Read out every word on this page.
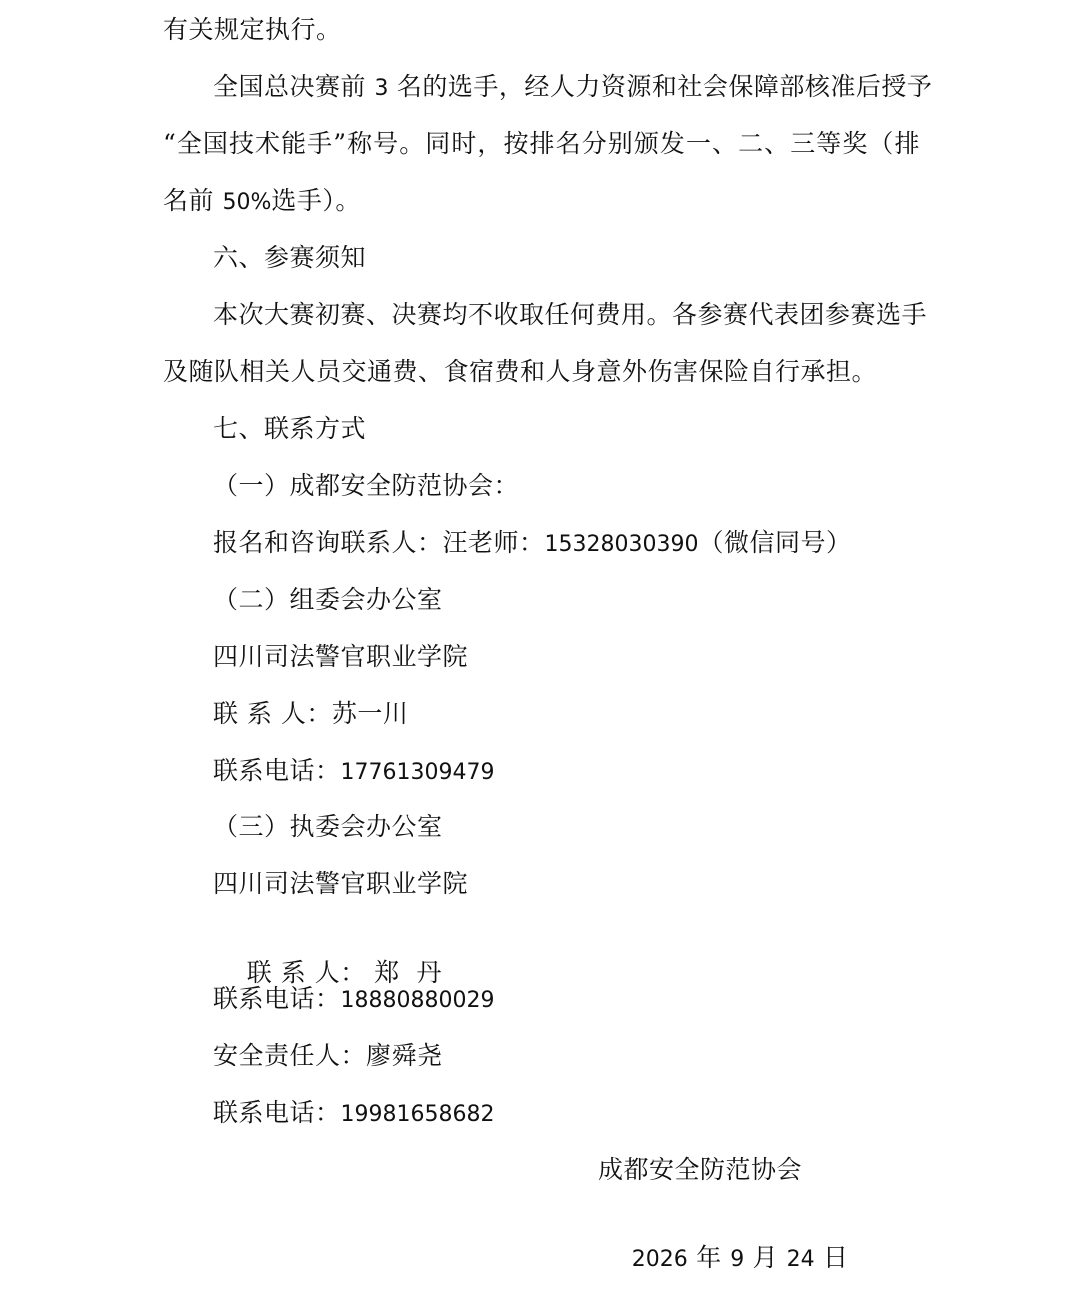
有关规定执行。
全国总决赛前 3 名的选手，经人力资源和社会保障部核准后授予
“全国技术能手”称号。同时，按排名分别颁发一、二、三等奖（排
名前 50%选手）。
六、参赛须知
本次大赛初赛、决赛均不收取任何费用。各参赛代表团参赛选手
及随队相关人员交通费、食宿费和人身意外伤害保险自行承担。
七、联系方式
（一）成都安全防范协会：
报名和咨询联系人：汪老师：15328030390（微信同号）
（二）组委会办公室
四川司法警官职业学院
联 系 人：苏一川
联系电话：17761309479
（三）执委会办公室
四川司法警官职业学院

联 系 人： 郑  丹

联系电话：18880880029
安全责任人：廖舜尧
联系电话：19981658682
成都安全防范协会

2026 年 9 月 24 日
